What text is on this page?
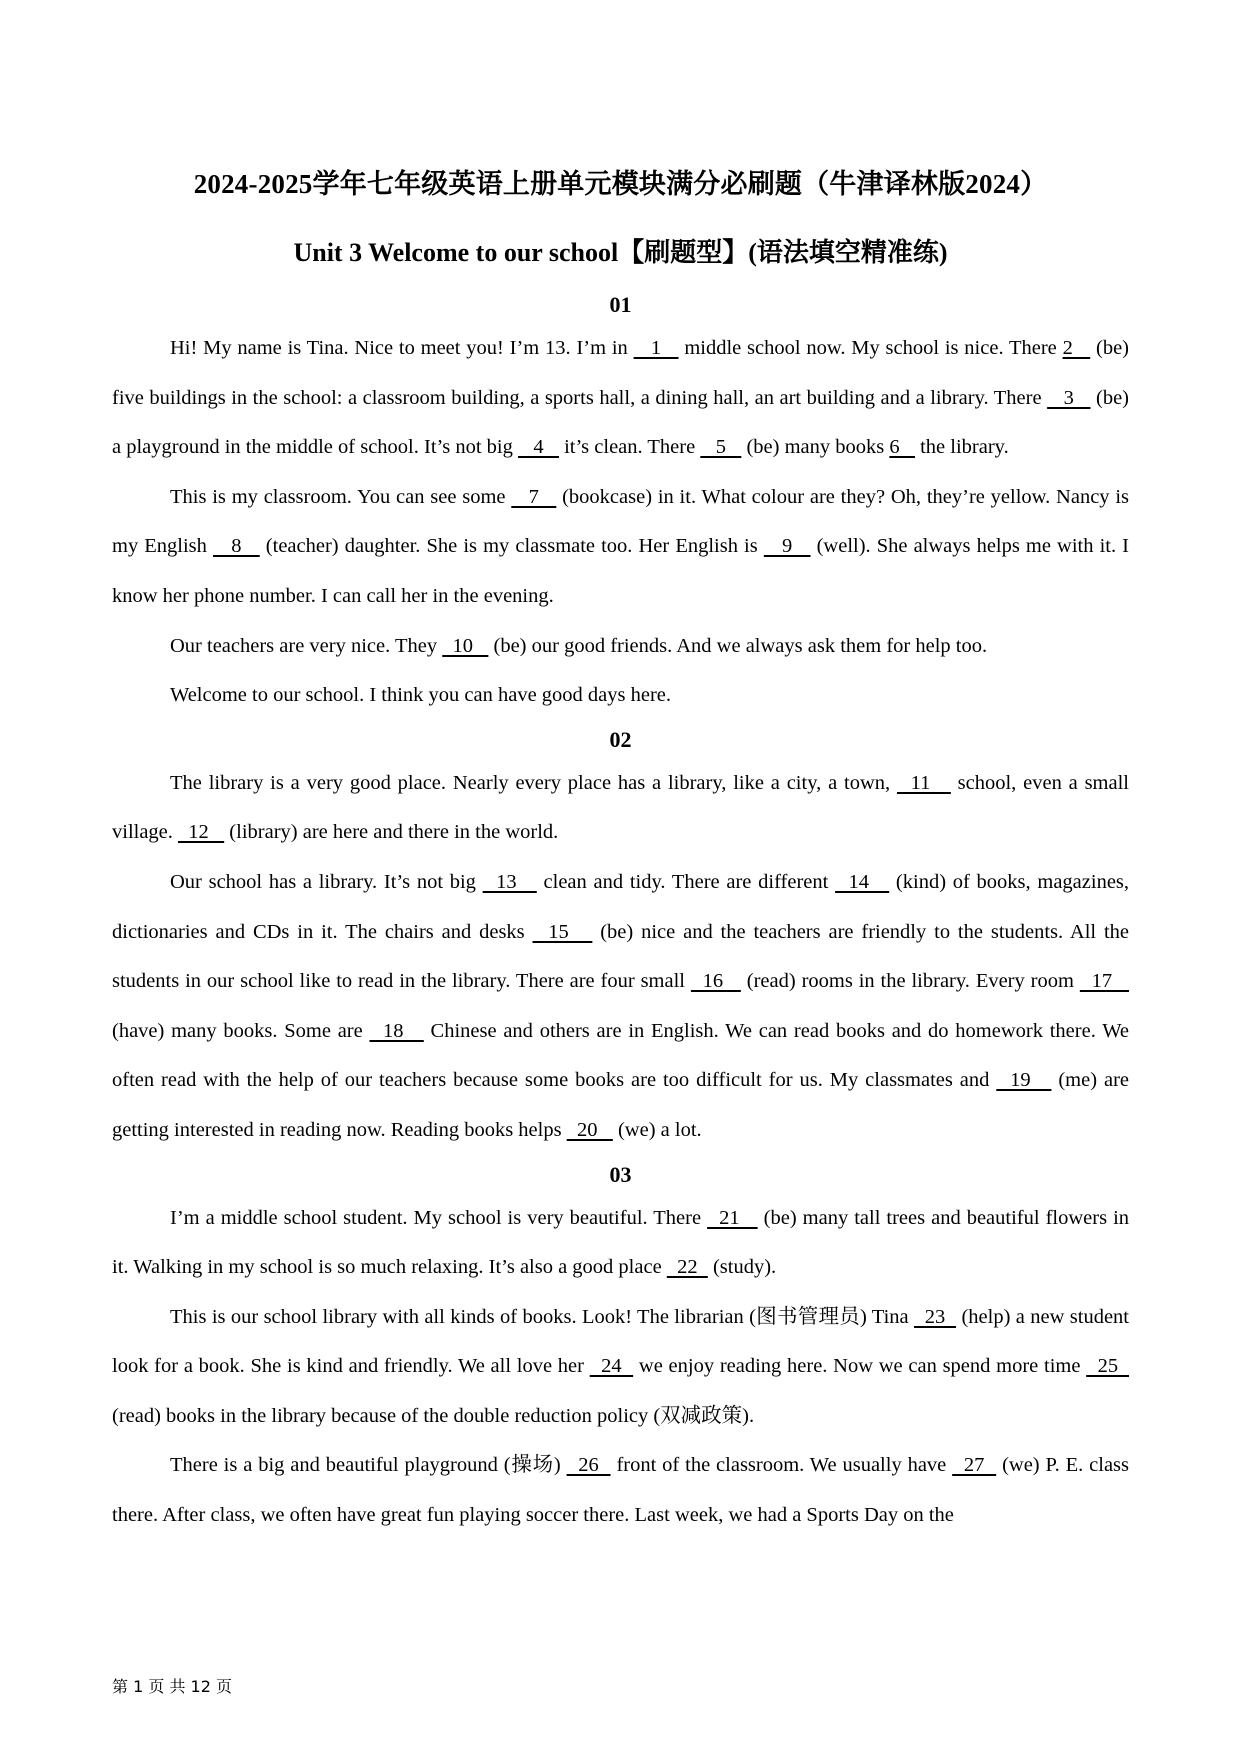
2024-2025学年七年级英语上册单元模块满分必刷题（牛津译林版2024）
Unit 3 Welcome to our school【刷题型】(语法填空精准练)
01

Hi! My name is Tina. Nice to meet you! I’m 13. I’m in    1    middle school now. My school is nice. There 2    (be) five buildings in the school: a classroom building, a sports hall, a dining hall, an art building and a library. There    3    (be) a playground in the middle of school. It’s not big    4    it’s clean. There    5    (be) many books 6    the library.

This is my classroom. You can see some    7    (bookcase) in it. What colour are they? Oh, they’re yellow. Nancy is my English    8    (teacher) daughter. She is my classmate too. Her English is    9    (well). She always helps me with it. I know her phone number. I can call her in the evening.

Our teachers are very nice. They   10    (be) our good friends. And we always ask them for help too.

Welcome to our school. I think you can have good days here.

02

The library is a very good place. Nearly every place has a library, like a city, a town,   11    school, even a small village.   12    (library) are here and there in the world.

Our school has a library. It’s not big   13    clean and tidy. There are different   14    (kind) of books, magazines, dictionaries and CDs in it. The chairs and desks   15    (be) nice and the teachers are friendly to the students. All the students in our school like to read in the library. There are four small   16    (read) rooms in the library. Every room   17    (have) many books. Some are   18    Chinese and others are in English. We can read books and do homework there. We often read with the help of our teachers because some books are too difficult for us. My classmates and   19    (me) are getting interested in reading now. Reading books helps   20    (we) a lot.

03

I’m a middle school student. My school is very beautiful. There   21    (be) many tall trees and beautiful flowers in it. Walking in my school is so much relaxing. It’s also a good place   22   (study).

This is our school library with all kinds of books. Look! The librarian (图书管理员) Tina   23   (help) a new student look for a book. She is kind and friendly. We all love her   24   we enjoy reading here. Now we can spend more time   25   (read) books in the library because of the double reduction policy (双减政策).

There is a big and beautiful playground (操场)   26   front of the classroom. We usually have   27   (we) P. E. class there. After class, we often have great fun playing soccer there. Last week, we had a Sports Day on the

第 1 页 共 12 页
